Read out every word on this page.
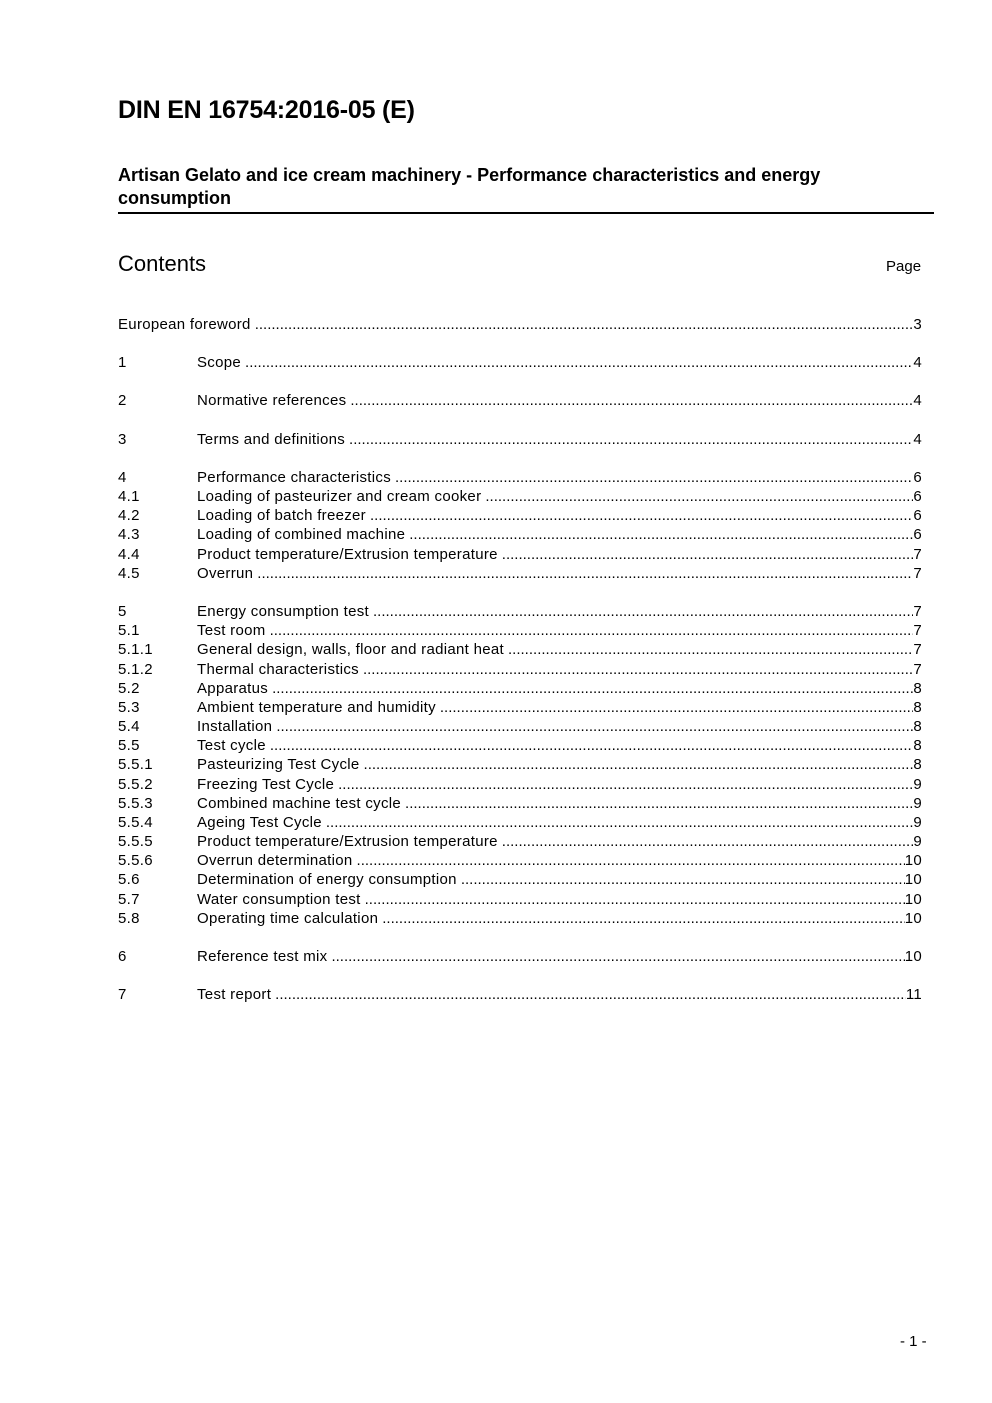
DIN EN 16754:2016-05 (E)
Artisan Gelato and ice cream machinery - Performance characteristics and energy consumption
Contents	Page
European foreword .....	3
1	Scope .....	4
2	Normative references .....	4
3	Terms and definitions .....	4
4	Performance characteristics .....	6
4.1	Loading of pasteurizer and cream cooker .....	6
4.2	Loading of batch freezer .....	6
4.3	Loading of combined machine .....	6
4.4	Product temperature/Extrusion temperature .....	7
4.5	Overrun .....	7
5	Energy consumption test .....	7
5.1	Test room .....	7
5.1.1	General design, walls, floor and radiant heat .....	7
5.1.2	Thermal characteristics .....	7
5.2	Apparatus .....	8
5.3	Ambient temperature and humidity .....	8
5.4	Installation .....	8
5.5	Test cycle .....	8
5.5.1	Pasteurizing Test Cycle .....	8
5.5.2	Freezing Test Cycle .....	9
5.5.3	Combined machine test cycle .....	9
5.5.4	Ageing Test Cycle .....	9
5.5.5	Product temperature/Extrusion temperature .....	9
5.5.6	Overrun determination .....	10
5.6	Determination of energy consumption .....	10
5.7	Water consumption test .....	10
5.8	Operating time calculation .....	10
6	Reference test mix .....	10
7	Test report .....	11
- 1 -
